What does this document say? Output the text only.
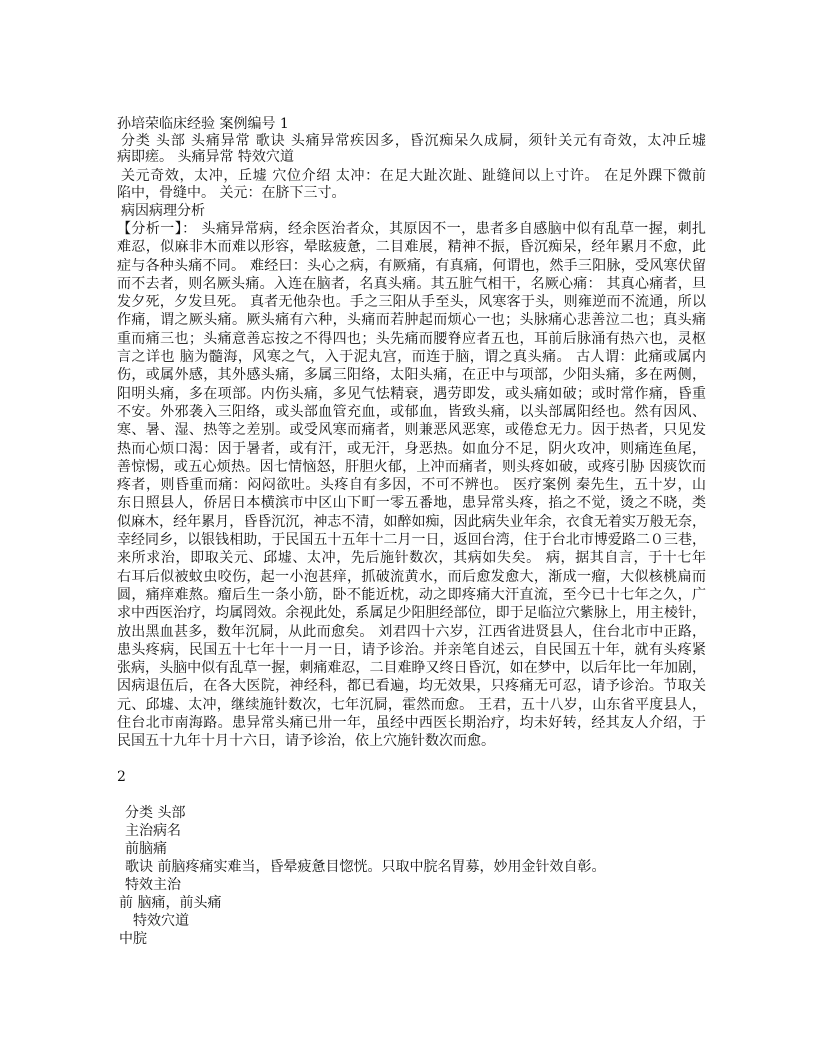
孙培荣临床经验 案例编号 1
分类 头部 头痛异常 歌诀 头痛异常疾因多，昏沉痴呆久成屙，须针关元有奇效，太冲丘墟
病即瘥。 头痛异常 特效穴道
关元奇效，太冲，丘墟 穴位介绍 太冲：在足大趾次趾、趾缝间以上寸许。 在足外踝下微前
陷中，骨缝中。 关元：在脐下三寸。
病因病理分析
【分析一】： 头痛异常病，经余医治者众，其原因不一，患者多自感脑中似有乱草一握，刺扎
难忍，似麻非木而难以形容，晕眩疲惫，二目难展，精神不振，昏沉痴呆，经年累月不愈，此
症与各种头痛不同。 难经曰：头心之病，有厥痛，有真痛，何谓也，然手三阳脉，受风寒伏留
而不去者，则名厥头痛。入连在脑者，名真头痛。其五脏气相干，名厥心痛： 其真心痛者，旦
发夕死，夕发旦死。 真者无他杂也。手之三阳从手至头，风寒客于头，则雍逆而不流通，所以
作痛，谓之厥头痛。厥头痛有六种，头痛而若肿起而烦心一也；头脉痛心悲善泣二也；真头痛
重而痛三也；头痛意善忘按之不得四也；头先痛而腰脊应者五也，耳前后脉涌有热六也，灵枢
言之详也 脑为髓海，风寒之气，入于泥丸宫，而连于脑，谓之真头痛。 古人谓：此痛或属内
伤，或属外感，其外感头痛，多属三阳络，太阳头痛，在正中与项部，少阳头痛，多在两侧，
阳明头痛，多在项部。内伤头痛，多见气怯精衰，遇劳即发，或头痛如破；或时常作痛，昏重
不安。外邪袭入三阳络，或头部血管充血，或郁血，皆致头痛，以头部属阳经也。然有因风、
寒、暑、湿、热等之差别。或受风寒而痛者，则兼恶风恶寒，或倦怠无力。因于热者，只见发
热而心烦口渴：因于暑者，或有汗，或无汗，身恶热。如血分不足，阴火攻冲，则痛连鱼尾，
善惊惕，或五心烦热。因七情恼怒，肝胆火郁，上冲而痛者，则头疼如破，或疼引胁 因痰饮而
疼者，则昏重而痛：闷闷欲吐。头疼自有多因，不可不辨也。 医疗案例 秦先生，五十岁，山
东日照县人，侨居日本横滨市中区山下町一零五番地，患异常头疼，掐之不觉，烫之不晓，类
似麻木，经年累月，昏昏沉沉，神志不清，如醉如痴，因此病失业年余，衣食无着实万般无奈，
幸经同乡，以银钱相助，于民国五十五年十二月一日，返回台湾，住于台北市博爱路二０三巷，
来所求治，即取关元、邱墟、太冲，先后施针数次，其病如失矣。 病，据其自言，于十七年
右耳后似被蚊虫咬伤，起一小泡甚痒，抓破流黄水，而后愈发愈大，渐成一瘤，大似核桃扁而
圆，痛痒难熬。瘤后生一条小筋，卧不能近枕，动之即疼痛大汗直流，至今已十七年之久，广
求中西医治疗，均属罔效。余视此处，系属足少阳胆经部位，即于足临泣穴紫脉上，用主棱针，
放出黑血甚多，数年沉屙，从此而愈矣。 刘君四十六岁，江西省进贤县人，住台北市中正路，
患头疼病，民国五十七年十一月一日，请予诊治。并亲笔自述云，自民国五十年，就有头疼紧
张病，头脑中似有乱草一握，刺痛难忍，二目难睁又终日昏沉，如在梦中，以后年比一年加剧，
因病退伍后，在各大医院，神经科，都已看遍，均无效果，只疼痛无可忍，请予诊治。节取关
元、邱墟、太冲，继续施针数次，七年沉屙，霍然而愈。 王君，五十八岁，山东省平度县人，
住台北市南海路。患异常头痛已卅一年，虽经中西医长期治疗，均未好转，经其友人介绍，于
民国五十九年十月十六日，请予诊治，依上穴施针数次而愈。
2
分类 头部
主治病名
前脑痛
歌诀 前脑疼痛实难当，昏晕疲惫目惚恍。只取中脘名胃募，妙用金针效自彰。
特效主治
前 脑痛，前头痛
特效穴道
中脘
